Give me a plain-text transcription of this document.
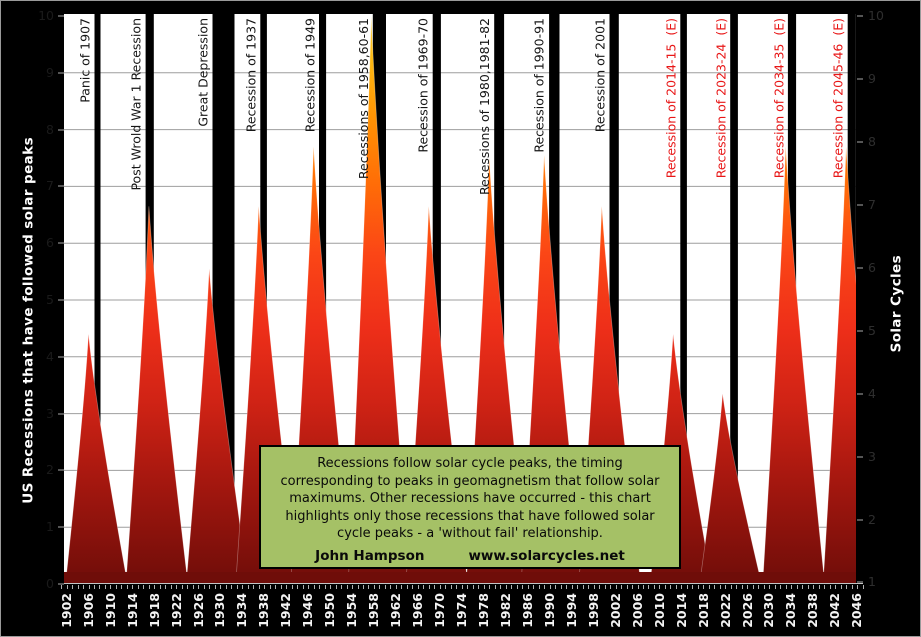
Recessions follow solar cycle peaks, the timing
corresponding to peaks in geomagnetism that follow solar
maximums. Other recessions have occurred - this chart
highlights only those recessions that have followed solar
cycle peaks - a 'without fail' relationship.
John Hampson	www.solarcycles.net
US Recessions that have followed solar peaks	Solar Cycles
Panic of 1907	Post Wrold War 1 Recession	Great Depression	Recession of 1937	Recession of 1949	Recessions of 1958,60-61	Recession of 1969-70	Recessions of 1980,1981-82	Recession of 1990-91	Recession of 2001	Recession of 2014-15  (E)	Recession of 2023-24  (E)	Recession of 2034-35  (E)	Recession of 2045-46  (E)
1902 1906 1910 1914 1918 1922 1926 1930 1934 1938 1942 1946 1950 1954 1958 1962 1966 1970 1974 1978 1982 1986 1990 1994 1998 2002 2006 2010 2014 2018 2022 2026 2030 2034 2038 2042 2046
10
9
8
7
6
5
4
3
2
1
0
10
9
8
7
6
5
4
3
2
1
